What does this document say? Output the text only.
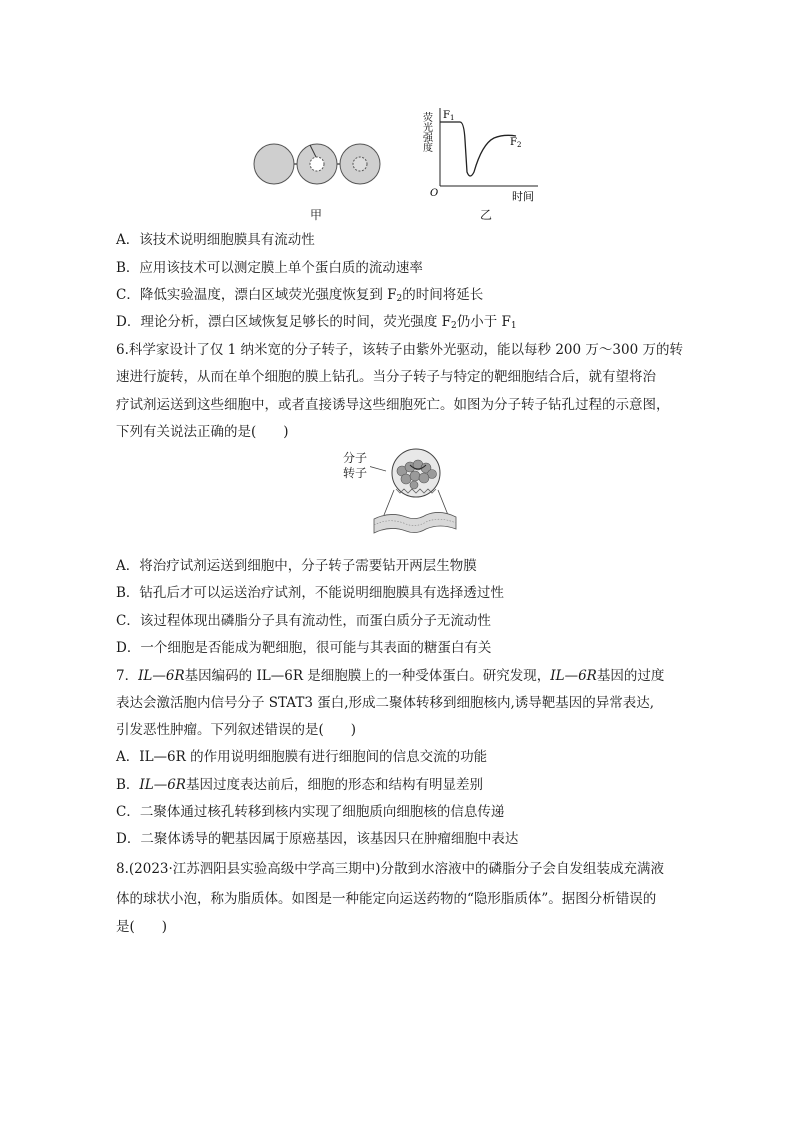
甲
荧光强度 $F_1$
$F_2$
O	时间
乙
A．该技术说明细胞膜具有流动性
B．应用该技术可以测定膜上单个蛋白质的流动速率
C．降低实验温度，漂白区域荧光强度恢复到 $F_2$的时间将延长
D．理论分析，漂白区域恢复足够长的时间，荧光强度 $F_2$仍小于 $F_1$
6.科学家设计了仅 1 纳米宽的分子转子，该转子由紫外光驱动，能以每秒 200 万～300 万的转
速进行旋转，从而在单个细胞的膜上钻孔。当分子转子与特定的靶细胞结合后，就有望将治
疗试剂运送到这些细胞中，或者直接诱导这些细胞死亡。如图为分子转子钻孔过程的示意图，
下列有关说法正确的是(　　)
分子
转子
A．将治疗试剂运送到细胞中，分子转子需要钻开两层生物膜
B．钻孔后才可以运送治疗试剂，不能说明细胞膜具有选择透过性
C．该过程体现出磷脂分子具有流动性，而蛋白质分子无流动性
D．一个细胞是否能成为靶细胞，很可能与其表面的糖蛋白有关
7．IL—6R基因编码的 IL—6R 是细胞膜上的一种受体蛋白。研究发现，IL—6R基因的过度
表达会激活胞内信号分子 STAT3 蛋白,形成二聚体转移到细胞核内,诱导靶基因的异常表达,
引发恶性肿瘤。下列叙述错误的是(　　)
A．IL—6R 的作用说明细胞膜有进行细胞间的信息交流的功能
B．IL—6R基因过度表达前后，细胞的形态和结构有明显差别
C．二聚体通过核孔转移到核内实现了细胞质向细胞核的信息传递
D．二聚体诱导的靶基因属于原癌基因，该基因只在肿瘤细胞中表达
8.(2023·江苏泗阳县实验高级中学高三期中)分散到水溶液中的磷脂分子会自发组装成充满液
体的球状小泡，称为脂质体。如图是一种能定向运送药物的“隐形脂质体”。据图分析错误的
是(　　)
